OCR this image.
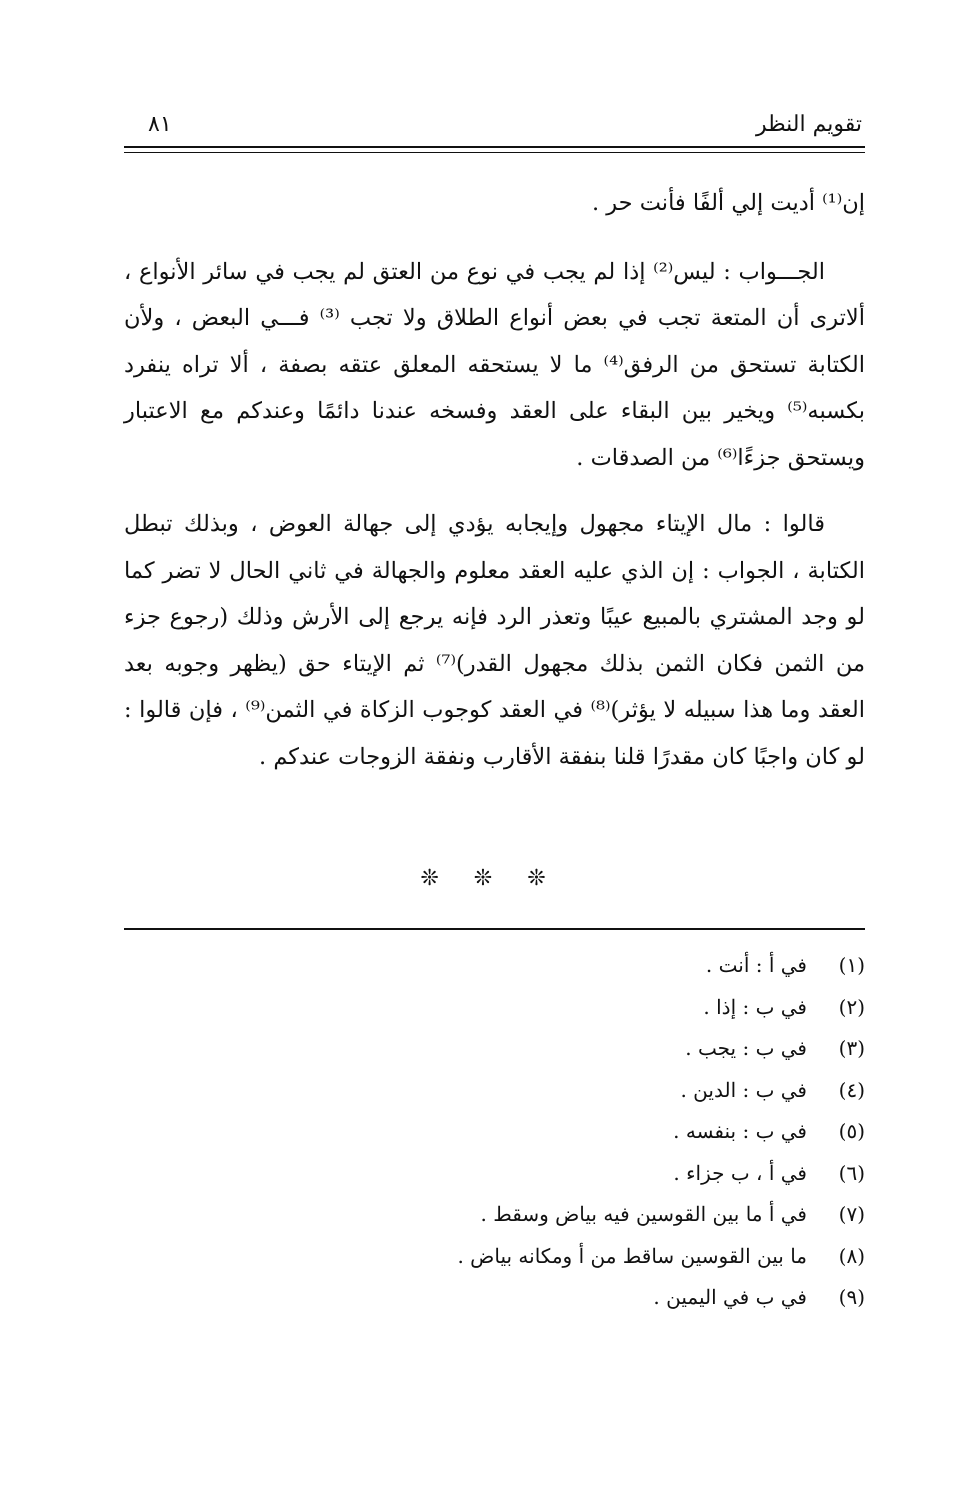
تقويم النظر
٨١

إن⁽¹⁾ أديت إلي ألفًا فأنت حر .

الجـــواب : ليس⁽²⁾ إذا لم يجب في نوع من العتق لم يجب في سائر الأنواع ، ألاترى أن المتعة تجب في بعض أنواع الطلاق ولا تجب ⁽³⁾ فـــي البعض ، ولأن الكتابة تستحق من الرفق⁽⁴⁾ ما لا يستحقه المعلق عتقه بصفة ، ألا تراه ينفرد بكسبه⁽⁵⁾ ويخير بين البقاء على العقد وفسخه عندنا دائمًا وعندكم مع الاعتبار ويستحق جزءًا⁽⁶⁾ من الصدقات .

قالوا : مال الإيتاء مجهول وإيجابه يؤدي إلى جهالة العوض ، وبذلك تبطل الكتابة ، الجواب : إن الذي عليه العقد معلوم والجهالة في ثاني الحال لا تضر كما لو وجد المشتري بالمبيع عيبًا وتعذر الرد فإنه يرجع إلى الأرش وذلك (رجوع جزء من الثمن فكان الثمن بذلك مجهول القدر)⁽⁷⁾ ثم الإيتاء حق (يظهر وجوبه بعد العقد وما هذا سبيله لا يؤثر)⁽⁸⁾ في العقد كوجوب الزكاة في الثمن⁽⁹⁾ ، فإن قالوا : لو كان واجبًا كان مقدرًا قلنا بنفقة الأقارب ونفقة الزوجات عندكم .

❊ ❊ ❊
(١)في أ : أنت .
(٢)في ب : إذا .
(٣)في ب : يجب .
(٤)في ب : الدين .
(٥)في ب : بنفسه .
(٦)في أ ، ب جزاء .
(٧)في أ ما بين القوسين فيه بياض وسقط .
(٨)ما بين القوسين ساقط من أ ومكانه بياض .
(٩)في ب في اليمين .
